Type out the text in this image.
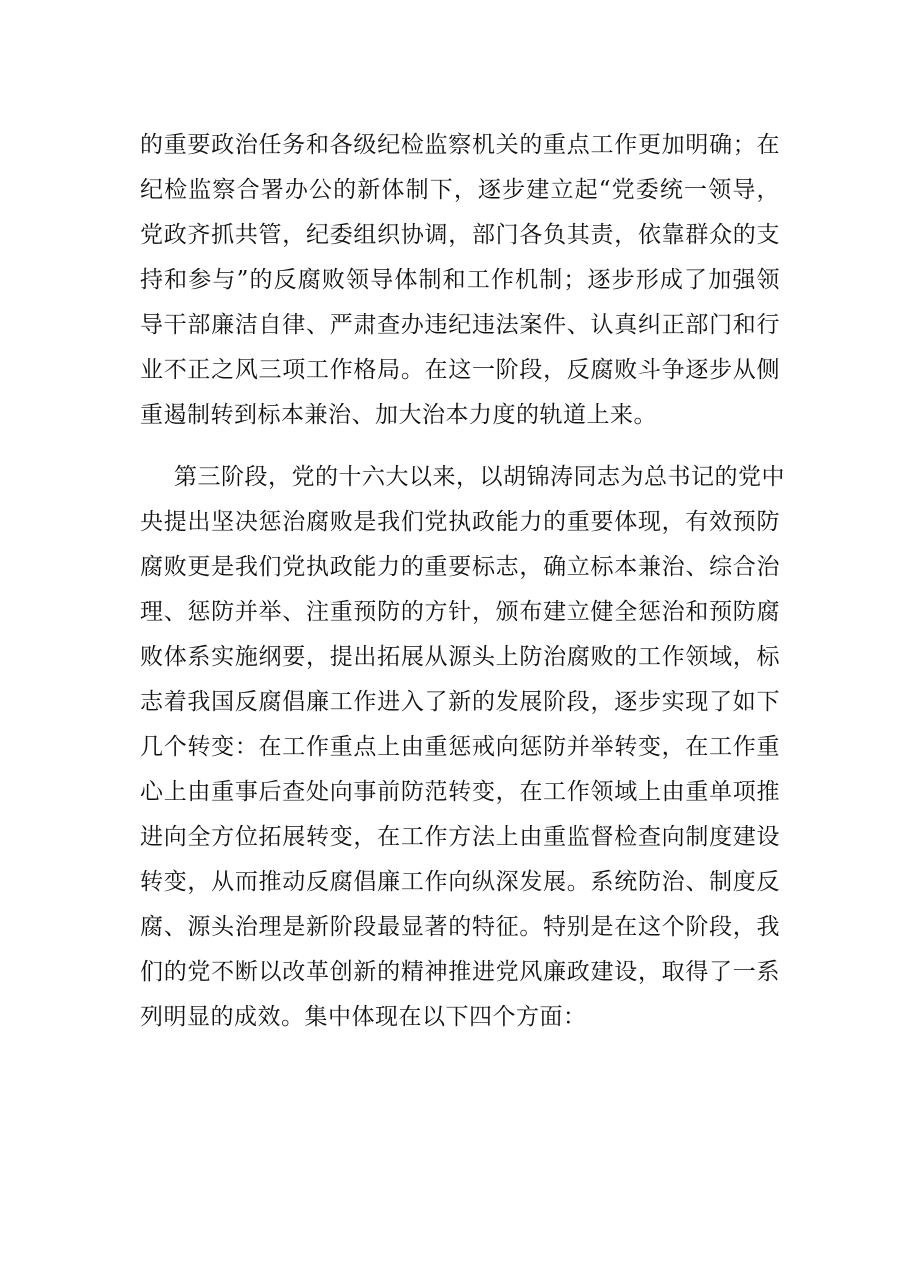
的重要政治任务和各级纪检监察机关的重点工作更加明确；在
纪检监察合署办公的新体制下，逐步建立起“党委统一领导，
党政齐抓共管，纪委组织协调，部门各负其责，依靠群众的支
持和参与”的反腐败领导体制和工作机制；逐步形成了加强领
导干部廉洁自律、严肃查办违纪违法案件、认真纠正部门和行
业不正之风三项工作格局。在这一阶段，反腐败斗争逐步从侧
重遏制转到标本兼治、加大治本力度的轨道上来。
第三阶段，党的十六大以来，以胡锦涛同志为总书记的党中
央提出坚决惩治腐败是我们党执政能力的重要体现，有效预防
腐败更是我们党执政能力的重要标志，确立标本兼治、综合治
理、惩防并举、注重预防的方针，颁布建立健全惩治和预防腐
败体系实施纲要，提出拓展从源头上防治腐败的工作领域，标
志着我国反腐倡廉工作进入了新的发展阶段，逐步实现了如下
几个转变：在工作重点上由重惩戒向惩防并举转变，在工作重
心上由重事后查处向事前防范转变，在工作领域上由重单项推
进向全方位拓展转变，在工作方法上由重监督检查向制度建设
转变，从而推动反腐倡廉工作向纵深发展。系统防治、制度反
腐、源头治理是新阶段最显著的特征。特别是在这个阶段，我
们的党不断以改革创新的精神推进党风廉政建设，取得了一系
列明显的成效。集中体现在以下四个方面：
